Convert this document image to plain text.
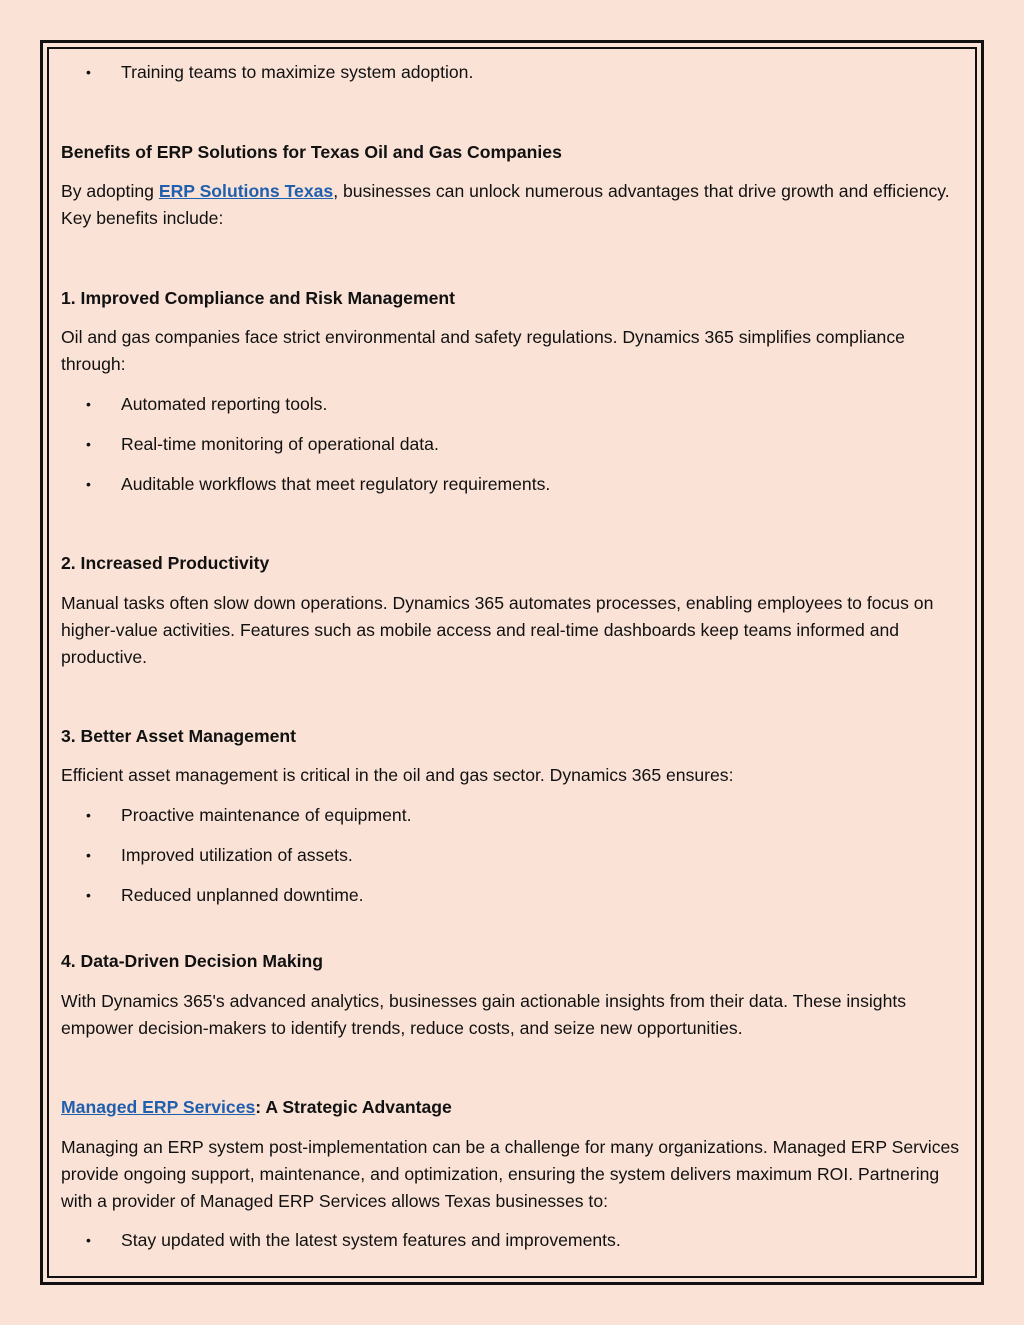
• Training teams to maximize system adoption.
Benefits of ERP Solutions for Texas Oil and Gas Companies

By adopting ERP Solutions Texas, businesses can unlock numerous advantages that drive growth and efficiency. Key benefits include:

1. Improved Compliance and Risk Management

Oil and gas companies face strict environmental and safety regulations. Dynamics 365 simplifies compliance through:

• Automated reporting tools.
• Real-time monitoring of operational data.
• Auditable workflows that meet regulatory requirements.
2. Increased Productivity

Manual tasks often slow down operations. Dynamics 365 automates processes, enabling employees to focus on higher-value activities. Features such as mobile access and real-time dashboards keep teams informed and productive.

3. Better Asset Management

Efficient asset management is critical in the oil and gas sector. Dynamics 365 ensures:

• Proactive maintenance of equipment.
• Improved utilization of assets.
• Reduced unplanned downtime.
4. Data-Driven Decision Making

With Dynamics 365's advanced analytics, businesses gain actionable insights from their data. These insights empower decision-makers to identify trends, reduce costs, and seize new opportunities.

Managed ERP Services: A Strategic Advantage

Managing an ERP system post-implementation can be a challenge for many organizations. Managed ERP Services provide ongoing support, maintenance, and optimization, ensuring the system delivers maximum ROI. Partnering with a provider of Managed ERP Services allows Texas businesses to:

• Stay updated with the latest system features and improvements.
